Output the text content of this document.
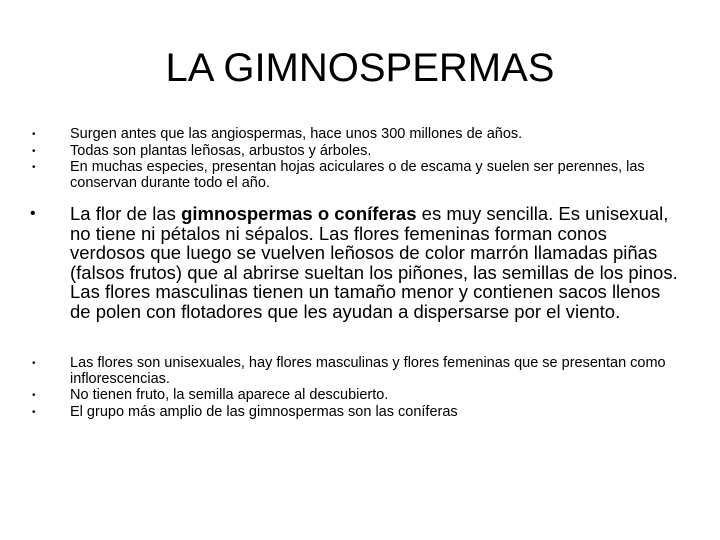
LA GIMNOSPERMAS
• Surgen antes que las angiospermas, hace unos 300 millones de años.
• Todas son plantas leñosas, arbustos y árboles.
• En muchas especies, presentan hojas aciculares o de escama y suelen ser perennes, las conservan durante todo el año.
• La flor de las gimnospermas o coníferas es muy sencilla. Es unisexual, no tiene ni pétalos ni sépalos. Las flores femeninas forman conos verdosos que luego se vuelven leñosos de color marrón llamadas piñas (falsos frutos) que al abrirse sueltan los piñones, las semillas de los pinos. Las flores masculinas tienen un tamaño menor y contienen sacos llenos de polen con flotadores que les ayudan a dispersarse por el viento.
• Las flores son unisexuales, hay flores masculinas y flores femeninas que se presentan como inflorescencias.
• No tienen fruto, la semilla aparece al descubierto.
• El grupo más amplio de las gimnospermas son las coníferas
